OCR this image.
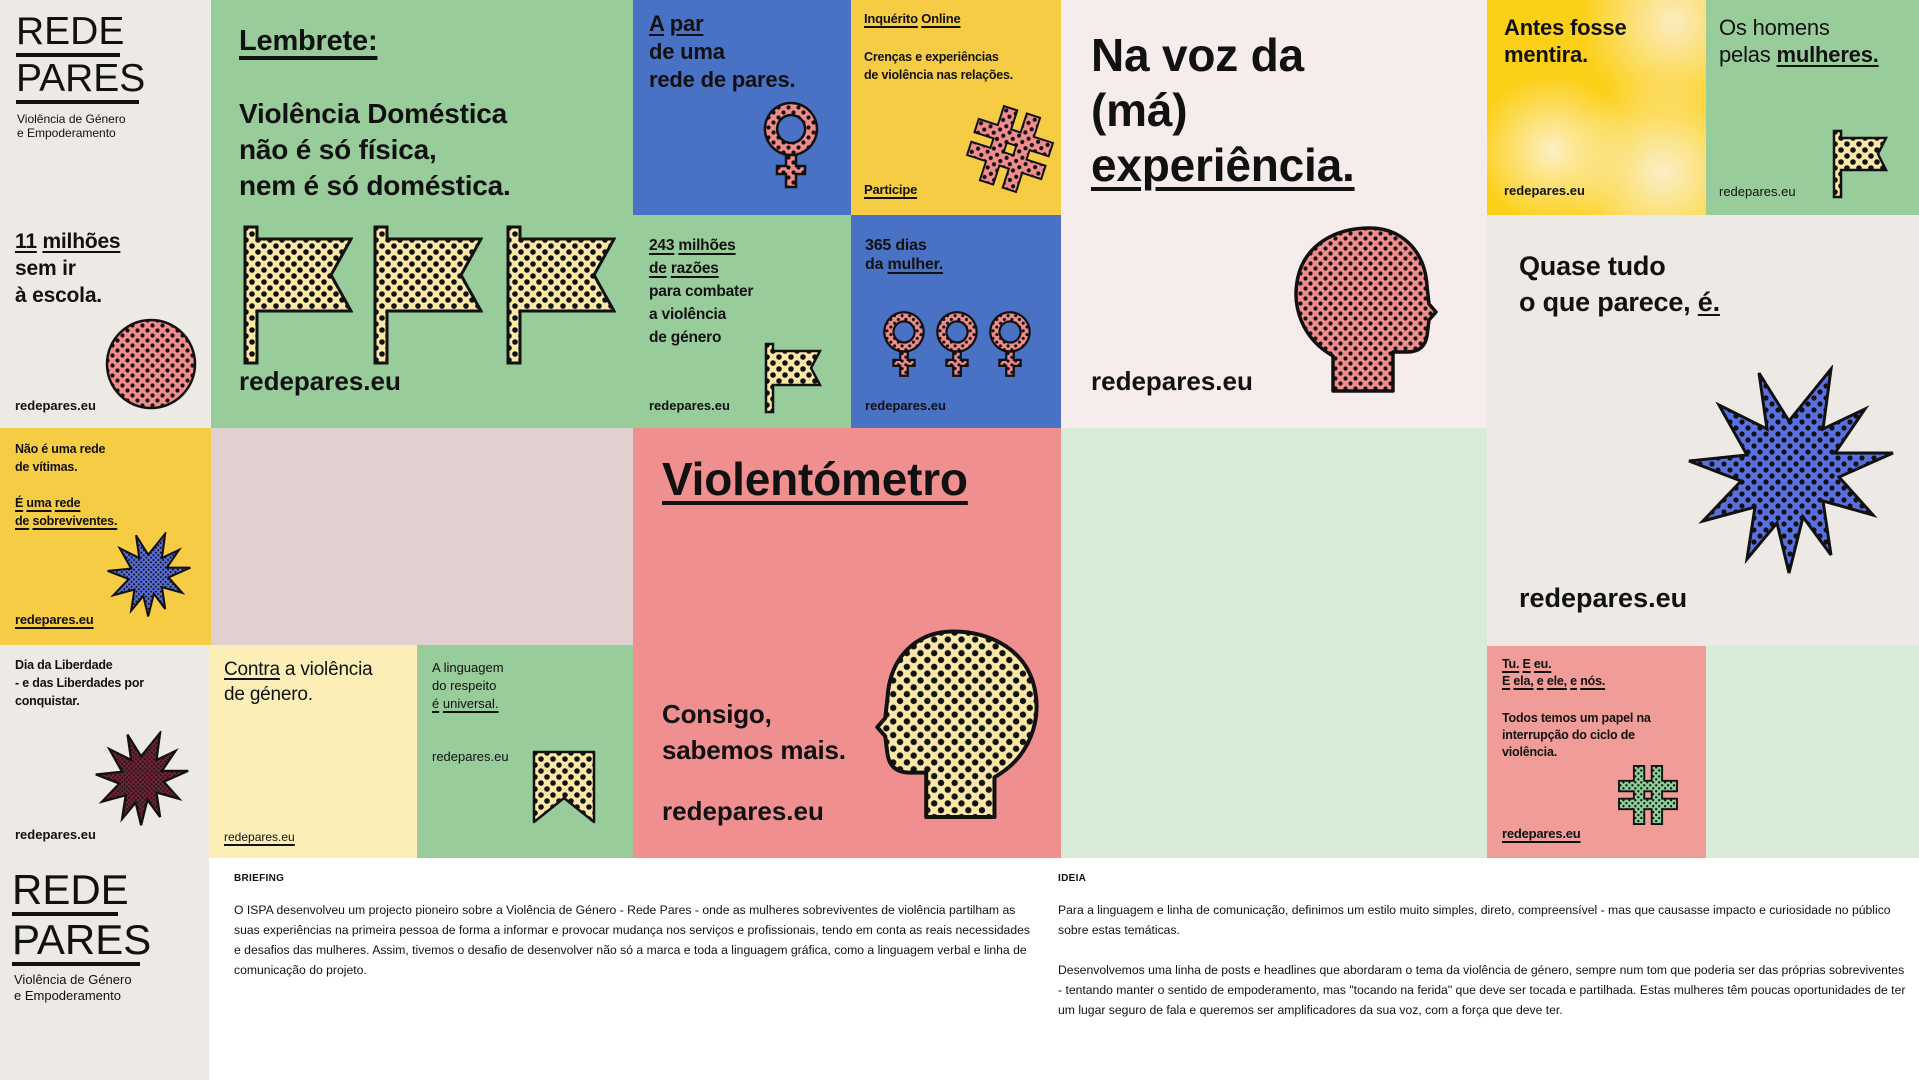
REDE
PARES
Violência de Género
e Empoderamento
Lembrete:
Violência Doméstica
não é só física,
nem é só doméstica.
redepares.eu
A par
de uma
rede de pares.
Inquérito Online
Crenças e experiências
de violência nas relações.
Participe
Na voz da
(má)
experiência.
redepares.eu
Antes fosse
mentira.
redepares.eu
Os homens
pelas mulheres.
redepares.eu
11 milhões
sem ir
à escola.
redepares.eu
243 milhões
de razões
para combater
a violência
de género
redepares.eu
365 dias
da mulher.
redepares.eu
Quase tudo
o que parece, é.
redepares.eu
Não é uma rede
de vítimas.
É uma rede
de sobreviventes.
redepares.eu
Violentómetro
Consigo,
sabemos mais.
redepares.eu
Dia da Liberdade
- e das Liberdades por
conquistar.
redepares.eu
Contra a violência
de género.
redepares.eu
A linguagem
do respeito
é universal.
redepares.eu
Tu. E eu.
E ela, e ele, e nós.
Todos temos um papel na
interrupção do ciclo de
violência.
redepares.eu
REDE
PARES
Violência de Género
e Empoderamento
BRIEFING

O ISPA desenvolveu um projecto pioneiro sobre a Violência de Género - Rede Pares - onde as mulheres sobreviventes de violência partilham as suas experiências na primeira pessoa de forma a informar e provocar mudança nos serviços e profissionais, tendo em conta as reais necessidades e desafios das mulheres. Assim, tivemos o desafio de desenvolver não só a marca e toda a linguagem gráfica, como a linguagem verbal e linha de comunicação do projeto.

IDEIA

Para a linguagem e linha de comunicação, definimos um estilo muito simples, direto, compreensível - mas que causasse impacto e curiosidade no público sobre estas temáticas.

Desenvolvemos uma linha de posts e headlines que abordaram o tema da violência de género, sempre num tom que poderia ser das próprias sobreviventes - tentando manter o sentido de empoderamento, mas "tocando na ferida" que deve ser tocada e partilhada. Estas mulheres têm poucas oportunidades de ter um lugar seguro de fala e queremos ser amplificadores da sua voz, com a força que deve ter.
